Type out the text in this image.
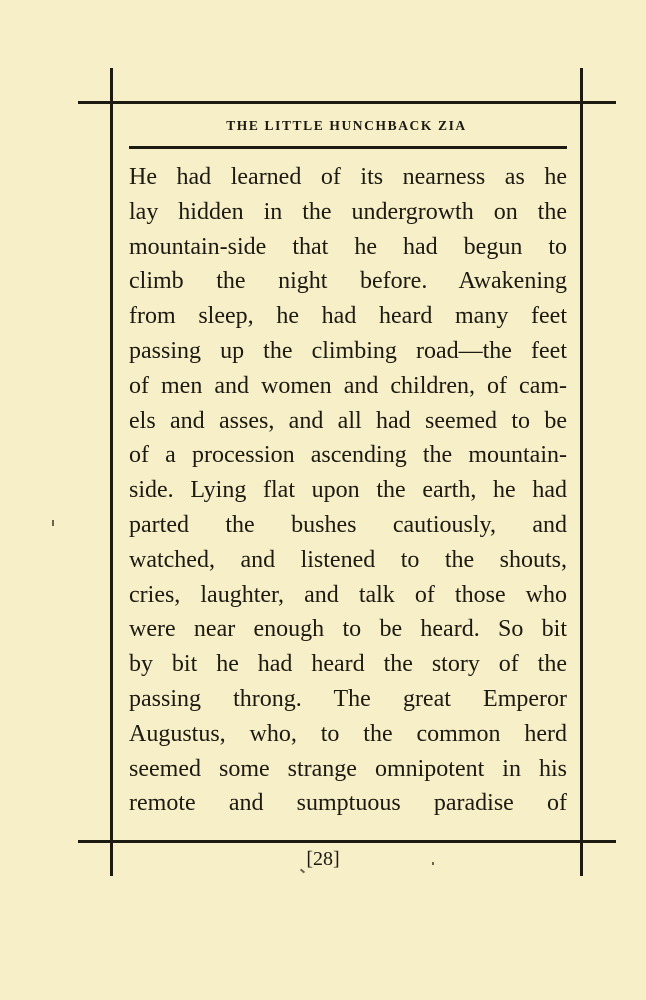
THE LITTLE HUNCHBACK ZIA
He had learned of its nearness as he
lay hidden in the undergrowth on the
mountain-side that he had begun to
climb the night before. Awakening
from sleep, he had heard many feet
passing up the climbing road—the feet
of men and women and children, of cam-
els and asses, and all had seemed to be
of a procession ascending the mountain-
side. Lying flat upon the earth, he had
parted the bushes cautiously, and
watched, and listened to the shouts,
cries, laughter, and talk of those who
were near enough to be heard. So bit
by bit he had heard the story of the
passing throng. The great Emperor
Augustus, who, to the common herd
seemed some strange omnipotent in his
remote and sumptuous paradise of
[28]
